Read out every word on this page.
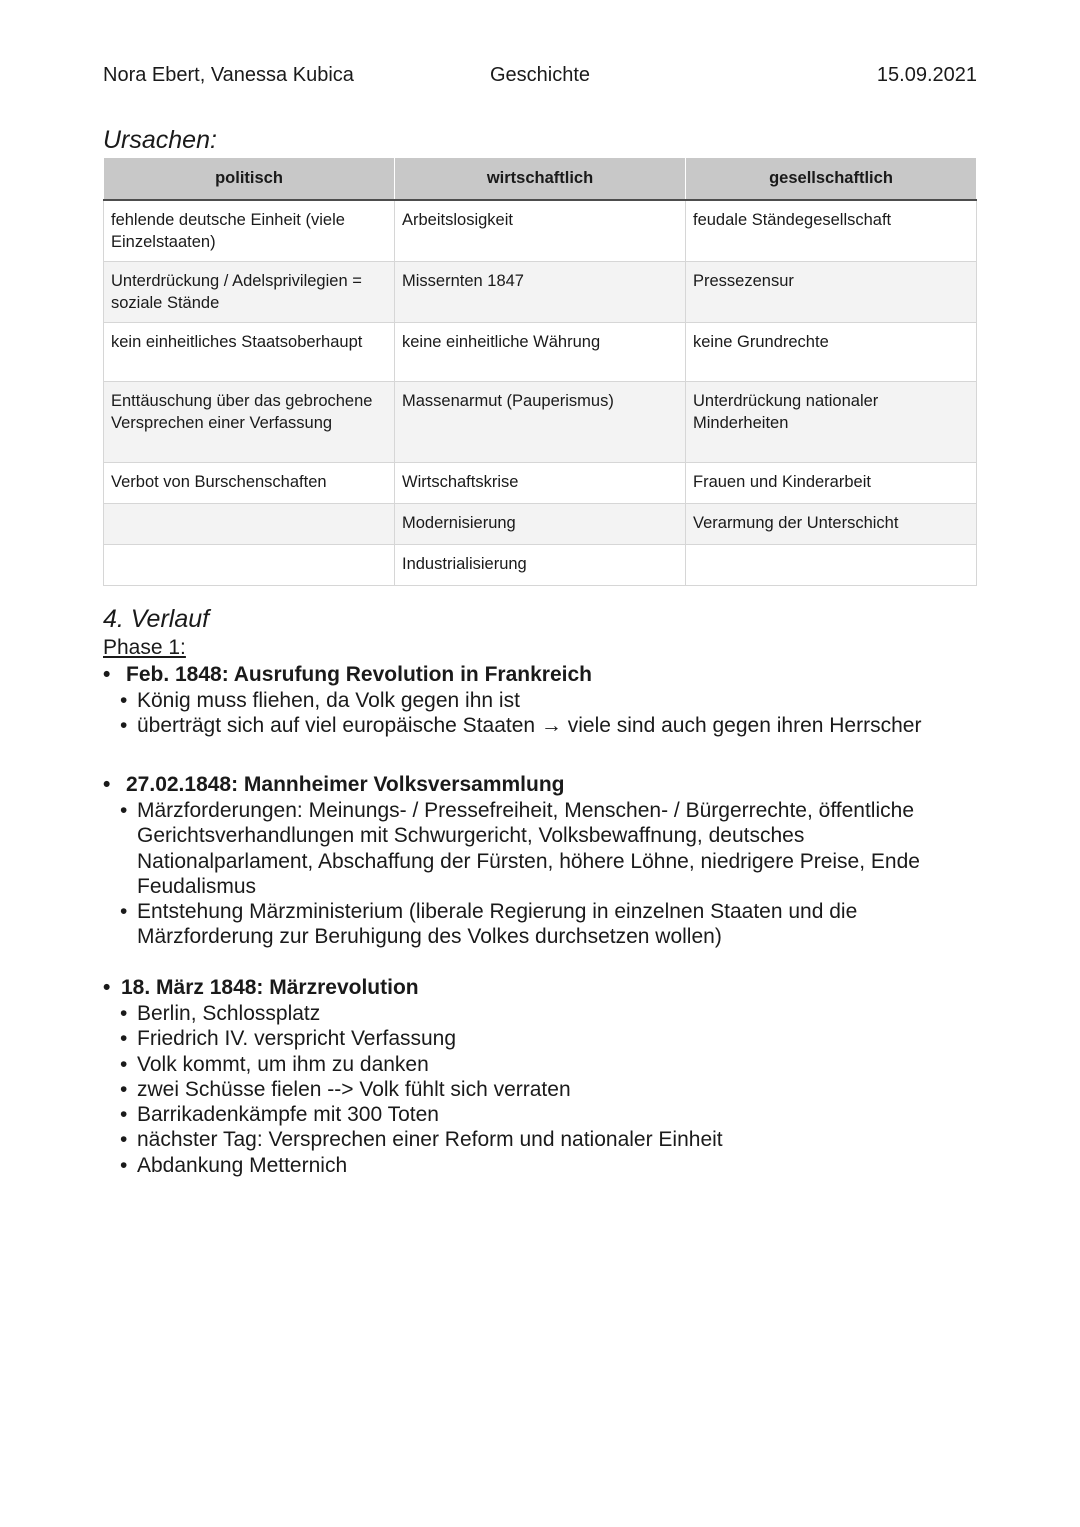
Nora Ebert, Vanessa Kubica	Geschichte	15.09.2021
Ursachen:
politisch	wirtschaftlich	gesellschaftlich
fehlende deutsche Einheit (viele Einzelstaaten)	Arbeitslosigkeit	feudale Ständegesellschaft
Unterdrückung / Adelsprivilegien = soziale Stände	Missernten 1847	Pressezensur
kein einheitliches Staatsoberhaupt	keine einheitliche Währung	keine Grundrechte
Enttäuschung über das gebrochene Versprechen einer Verfassung	Massenarmut (Pauperismus)	Unterdrückung nationaler Minderheiten
Verbot von Burschenschaften	Wirtschaftskrise	Frauen und Kinderarbeit
	Modernisierung	Verarmung der Unterschicht
	Industrialisierung	
4. Verlauf
Phase 1:
• Feb. 1848: Ausrufung Revolution in Frankreich
• König muss fliehen, da Volk gegen ihn ist
• überträgt sich auf viel europäische Staaten → viele sind auch gegen ihren Herrscher
• 27.02.1848: Mannheimer Volksversammlung
• Märzforderungen: Meinungs- / Pressefreiheit, Menschen- / Bürgerrechte, öffentliche Gerichtsverhandlungen mit Schwurgericht, Volksbewaffnung, deutsches Nationalparlament, Abschaffung der Fürsten, höhere Löhne, niedrigere Preise, Ende Feudalismus
• Entstehung Märzministerium (liberale Regierung in einzelnen Staaten und die Märzforderung zur Beruhigung des Volkes durchsetzen wollen)
• 18. März 1848: Märzrevolution
• Berlin, Schlossplatz
• Friedrich IV. verspricht Verfassung
• Volk kommt, um ihm zu danken
• zwei Schüsse fielen --> Volk fühlt sich verraten
• Barrikadenkämpfe mit 300 Toten
• nächster Tag: Versprechen einer Reform und nationaler Einheit
• Abdankung Metternich
